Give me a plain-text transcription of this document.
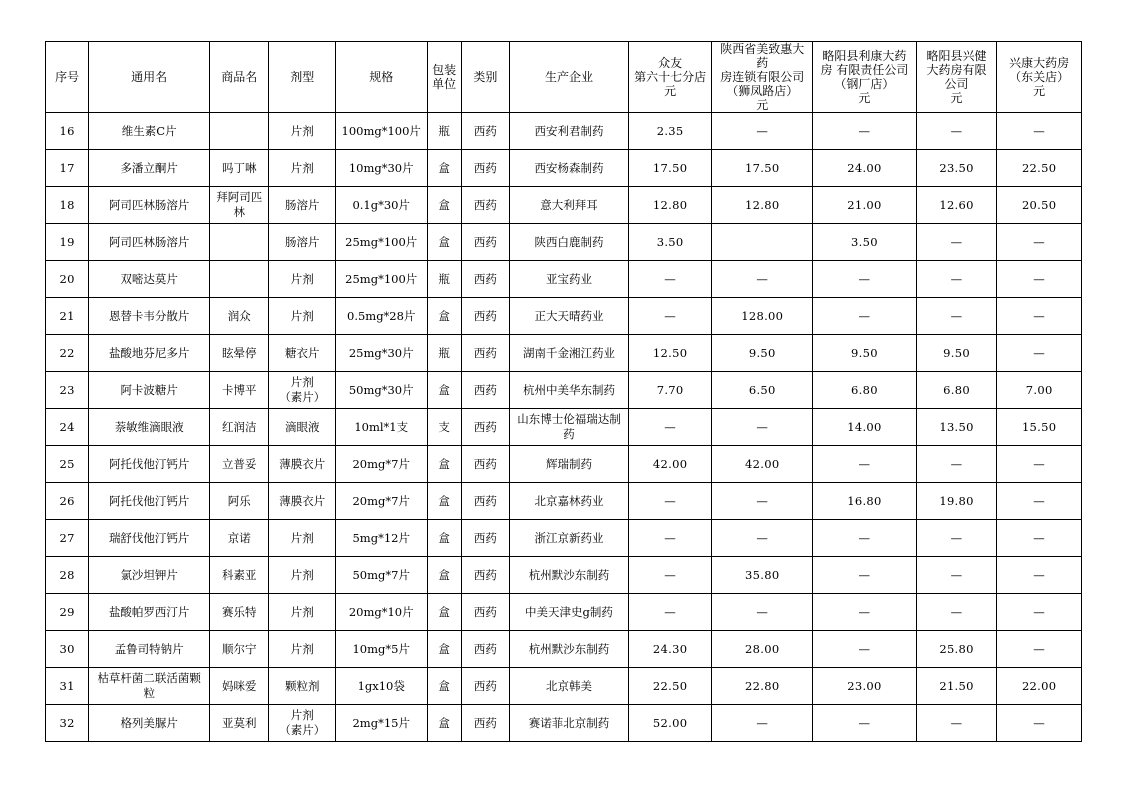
序号	通用名	商品名	剂型	规格	包装
单位	类别	生产企业	众友
第六十七分店
元	陕西省美致惠大药
房连锁有限公司
（狮凤路店）
元	略阳县利康大药
房 有限责任公司
（钢厂店）
元	略阳县兴健
大药房有限
公司
元	兴康大药房
（东关店）
元
16	维生素C片		片剂	100mg*100片	瓶	西药	西安利君制药	2.35	—	—	—	—
17	多潘立酮片	吗丁啉	片剂	10mg*30片	盒	西药	西安杨森制药	17.50	17.50	24.00	23.50	22.50
18	阿司匹林肠溶片	拜阿司匹
林	肠溶片	0.1g*30片	盒	西药	意大利拜耳	12.80	12.80	21.00	12.60	20.50
19	阿司匹林肠溶片		肠溶片	25mg*100片	盒	西药	陕西白鹿制药	3.50		3.50	—	—
20	双嘧达莫片		片剂	25mg*100片	瓶	西药	亚宝药业	—	—	—	—	—
21	恩替卡韦分散片	润众	片剂	0.5mg*28片	盒	西药	正大天晴药业	—	128.00	—	—	—
22	盐酸地芬尼多片	眩晕停	糖衣片	25mg*30片	瓶	西药	湖南千金湘江药业	12.50	9.50	9.50	9.50	—
23	阿卡波糖片	卡博平	片剂
（素片）	50mg*30片	盒	西药	杭州中美华东制药	7.70	6.50	6.80	6.80	7.00
24	萘敏维滴眼液	红润洁	滴眼液	10ml*1支	支	西药	山东博士伦福瑞达制
药	—	—	14.00	13.50	15.50
25	阿托伐他汀钙片	立普妥	薄膜衣片	20mg*7片	盒	西药	辉瑞制药	42.00	42.00	—	—	—
26	阿托伐他汀钙片	阿乐	薄膜衣片	20mg*7片	盒	西药	北京嘉林药业	—	—	16.80	19.80	—
27	瑞舒伐他汀钙片	京诺	片剂	5mg*12片	盒	西药	浙江京新药业	—	—	—	—	—
28	氯沙坦钾片	科素亚	片剂	50mg*7片	盒	西药	杭州默沙东制药	—	35.80	—	—	—
29	盐酸帕罗西汀片	赛乐特	片剂	20mg*10片	盒	西药	中美天津史g制药	—	—	—	—	—
30	孟鲁司特钠片	顺尔宁	片剂	10mg*5片	盒	西药	杭州默沙东制药	24.30	28.00	—	25.80	—
31	枯草杆菌二联活菌颗
粒	妈咪爱	颗粒剂	1gx10袋	盒	西药	北京韩美	22.50	22.80	23.00	21.50	22.00
32	格列美脲片	亚莫利	片剂
（素片）	2mg*15片	盒	西药	赛诺菲北京制药	52.00	—	—	—	—
